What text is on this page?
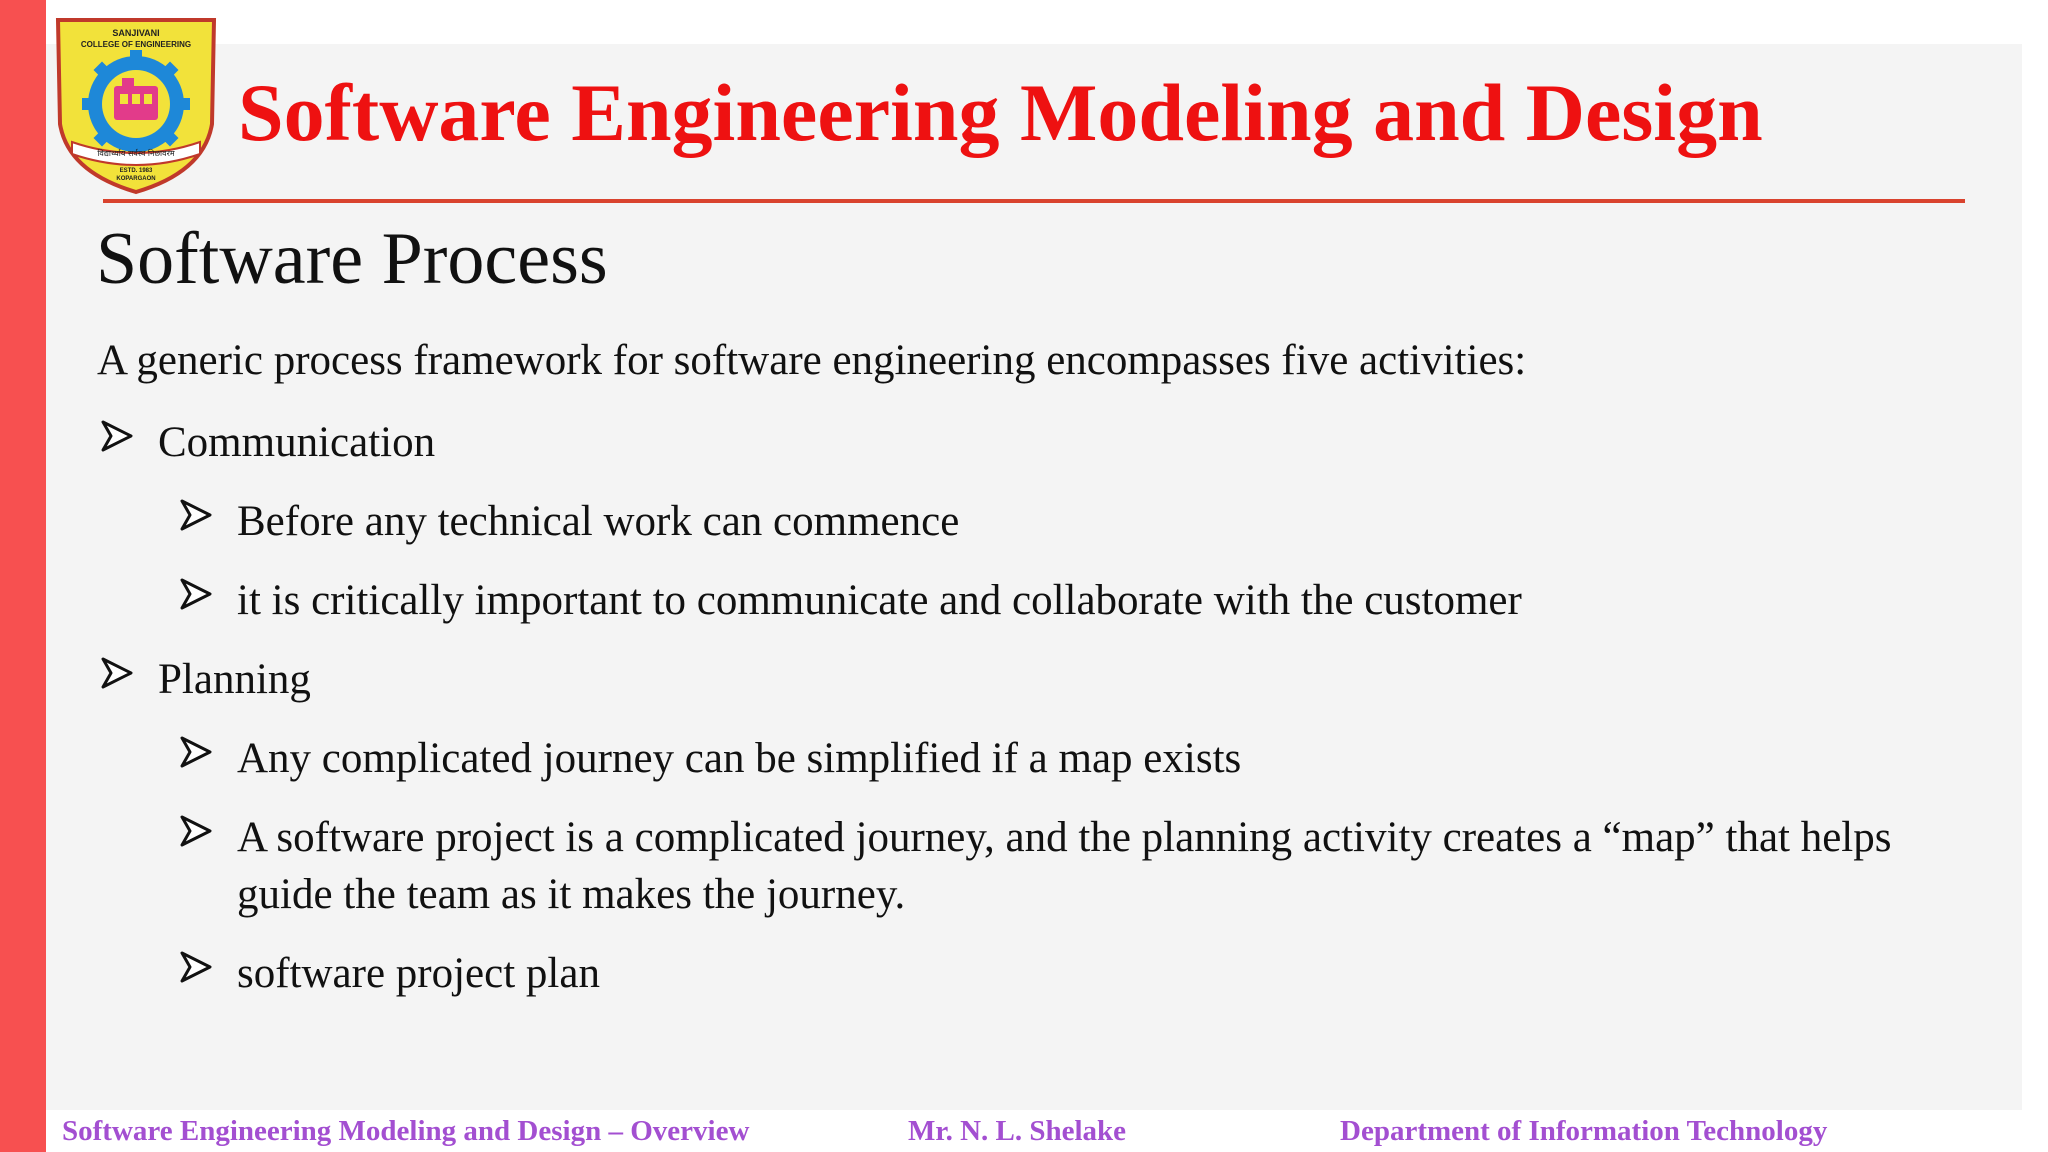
SANJIVANI
COLLEGE OF ENGINEERING
विद्यार्थ्याय सर्वस्व निछावरम
ESTD. 1983
KOPARGAON
Software Engineering Modeling and Design
Software Process

A generic process framework for software engineering encompasses five activities:

Communication
Before any technical work can commence
it is critically important to communicate and collaborate with the customer
Planning
Any complicated journey can be simplified if a map exists
A software project is a complicated journey, and the planning activity creates a “map” that helps guide the team as it makes the journey.
software project plan
Software Engineering Modeling and Design – Overview	Mr. N. L. Shelake	Department of Information Technology
